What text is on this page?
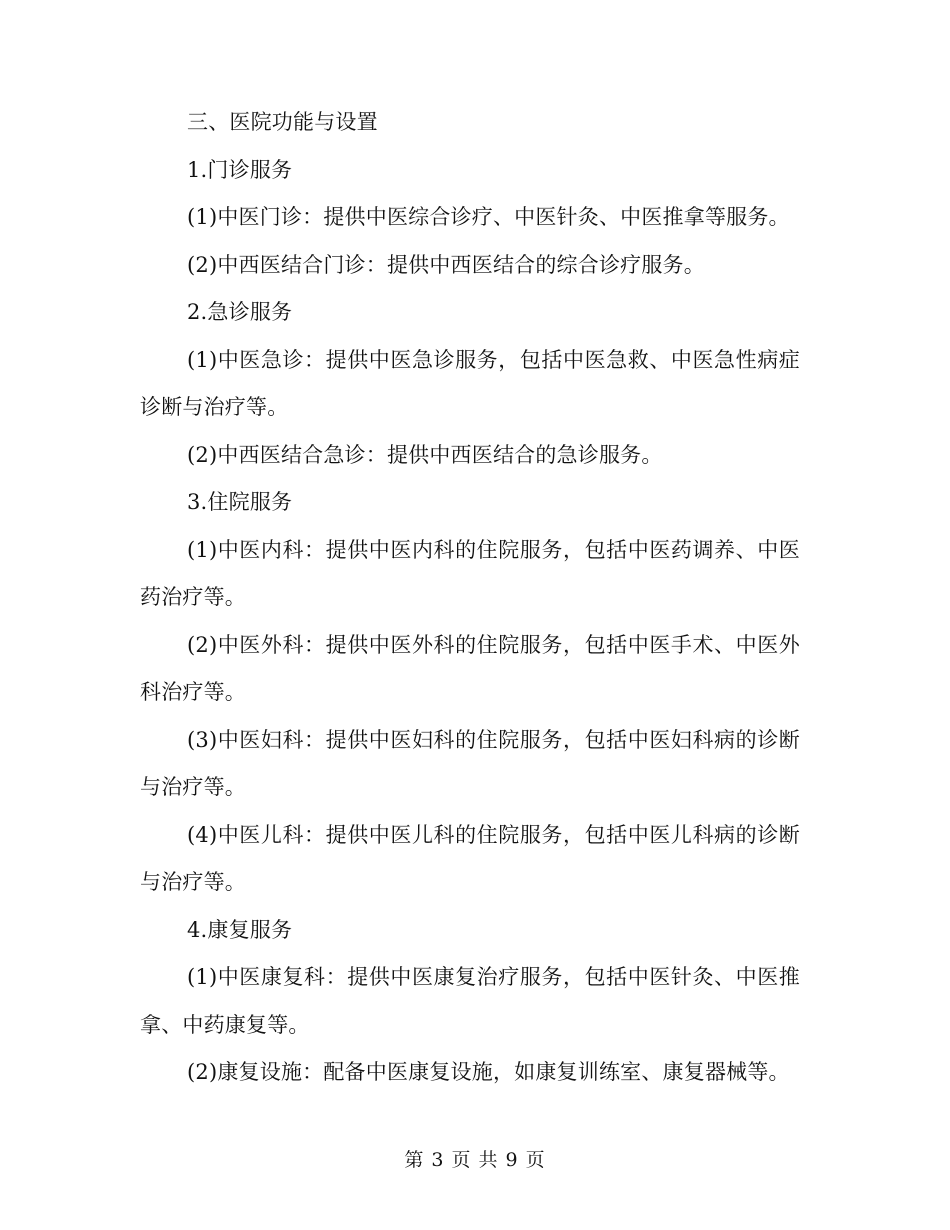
三、医院功能与设置

1.门诊服务

(1)中医门诊：提供中医综合诊疗、中医针灸、中医推拿等服务。

(2)中西医结合门诊：提供中西医结合的综合诊疗服务。

2.急诊服务

(1)中医急诊：提供中医急诊服务，包括中医急救、中医急性病症诊断与治疗等。

(2)中西医结合急诊：提供中西医结合的急诊服务。

3.住院服务

(1)中医内科：提供中医内科的住院服务，包括中医药调养、中医药治疗等。

(2)中医外科：提供中医外科的住院服务，包括中医手术、中医外科治疗等。

(3)中医妇科：提供中医妇科的住院服务，包括中医妇科病的诊断与治疗等。

(4)中医儿科：提供中医儿科的住院服务，包括中医儿科病的诊断与治疗等。

4.康复服务

(1)中医康复科：提供中医康复治疗服务，包括中医针灸、中医推拿、中药康复等。

(2)康复设施：配备中医康复设施，如康复训练室、康复器械等。

第 3 页 共 9 页
